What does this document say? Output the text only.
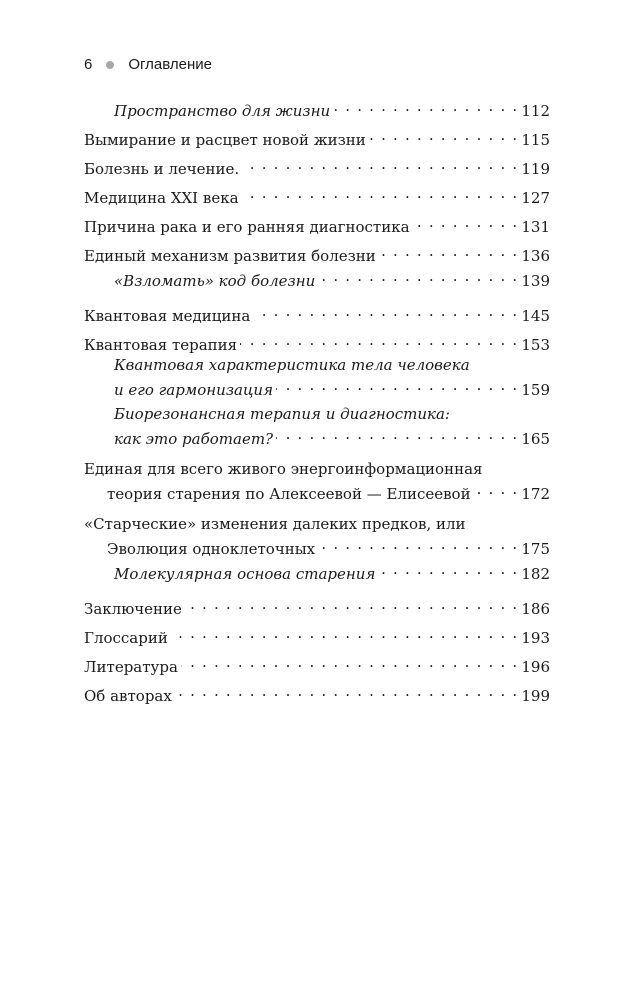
6 Оглавление
Пространство для жизни . . .	112
Вымирание и расцвет новой жизни . . .	115
Болезнь и лечение. . . .	119
Медицина XXI века . . .	127
Причина рака и его ранняя диагностика . . .	131
Единый механизм развития болезни . . .	136
«Взломать» код болезни . . .	139
Квантовая медицина . . .	145
Квантовая терапия . . .	153
Квантовая характеристика тела человека
и его гармонизация . . .	159
Биорезонансная терапия и диагностика:
как это работает? . . .	165
Единая для всего живого энергоинформационная
теория старения по Алексеевой — Елисеевой . . .	172
«Старческие» изменения далеких предков, или
Эволюция одноклеточных . . .	175
Молекулярная основа старения . . .	182
Заключение . . .	186
Глоссарий . . .	193
Литература . . .	196
Об авторах . . .	199
